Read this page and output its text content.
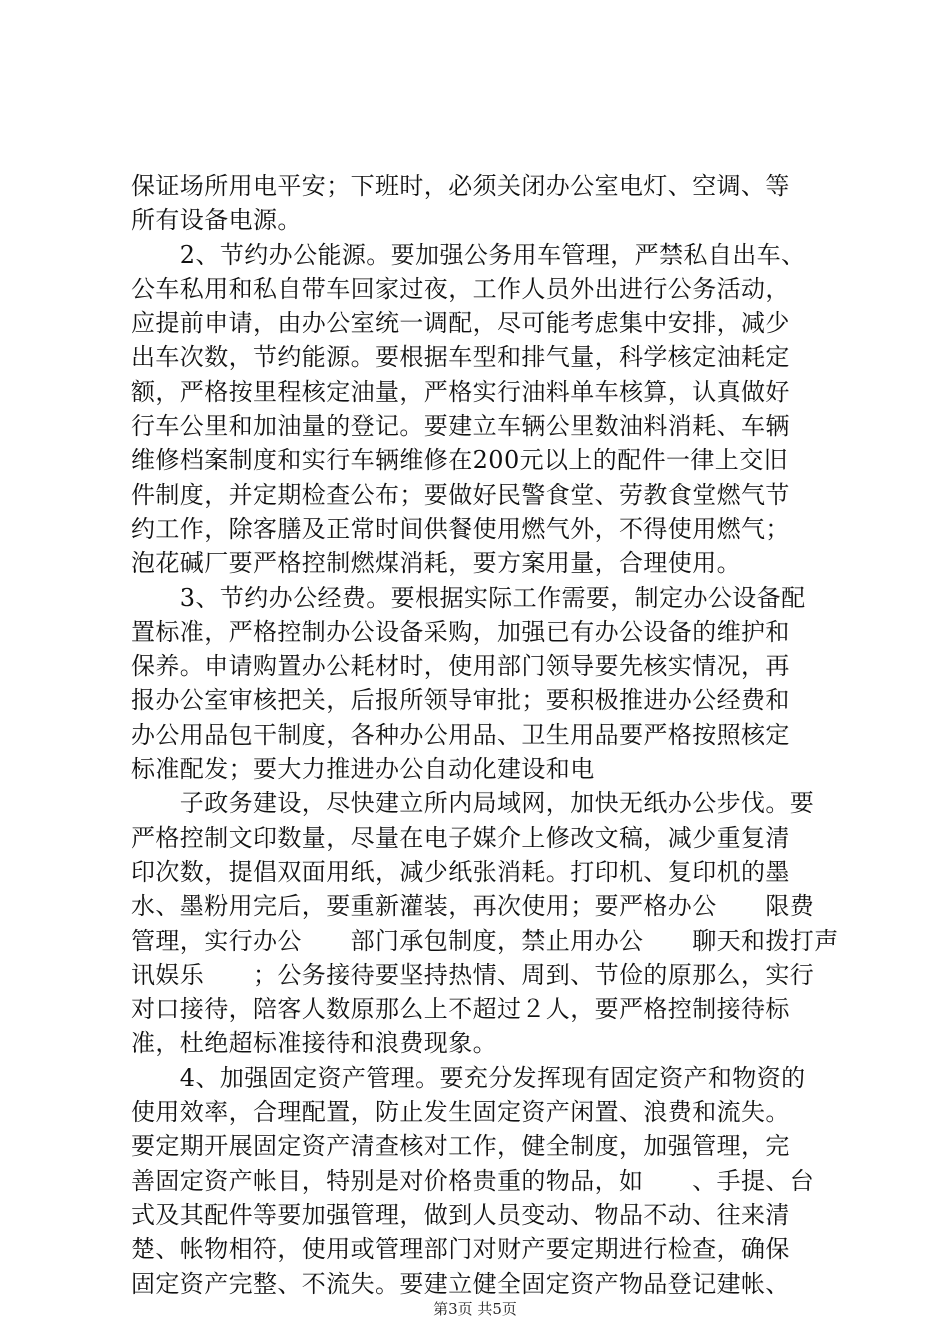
保证场所用电平安；下班时，必须关闭办公室电灯、空调、等
所有设备电源。
　　2、节约办公能源。要加强公务用车管理，严禁私自出车、
公车私用和私自带车回家过夜，工作人员外出进行公务活动，
应提前申请，由办公室统一调配，尽可能考虑集中安排，减少
出车次数，节约能源。要根据车型和排气量，科学核定油耗定
额，严格按里程核定油量，严格实行油料单车核算，认真做好
行车公里和加油量的登记。要建立车辆公里数油料消耗、车辆
维修档案制度和实行车辆维修在200元以上的配件一律上交旧
件制度，并定期检查公布；要做好民警食堂、劳教食堂燃气节
约工作，除客膳及正常时间供餐使用燃气外，不得使用燃气；
泡花碱厂要严格控制燃煤消耗，要方案用量，合理使用。
　　3、节约办公经费。要根据实际工作需要，制定办公设备配
置标准，严格控制办公设备采购，加强已有办公设备的维护和
保养。申请购置办公耗材时，使用部门领导要先核实情况，再
报办公室审核把关，后报所领导审批；要积极推进办公经费和
办公用品包干制度，各种办公用品、卫生用品要严格按照核定
标准配发；要大力推进办公自动化建设和电
　　子政务建设，尽快建立所内局域网，加快无纸办公步伐。要
严格控制文印数量，尽量在电子媒介上修改文稿，减少重复清
印次数，提倡双面用纸，减少纸张消耗。打印机、复印机的墨
水、墨粉用完后，要重新灌装，再次使用；要严格办公　　限费
管理，实行办公　　部门承包制度，禁止用办公　　聊天和拨打声
讯娱乐　　；公务接待要坚持热情、周到、节俭的原那么，实行
对口接待，陪客人数原那么上不超过２人，要严格控制接待标
准，杜绝超标准接待和浪费现象。
　　4、加强固定资产管理。要充分发挥现有固定资产和物资的
使用效率，合理配置，防止发生固定资产闲置、浪费和流失。
要定期开展固定资产清查核对工作，健全制度，加强管理，完
善固定资产帐目，特别是对价格贵重的物品，如　　、手提、台
式及其配件等要加强管理，做到人员变动、物品不动、往来清
楚、帐物相符，使用或管理部门对财产要定期进行检查，确保
固定资产完整、不流失。要建立健全固定资产物品登记建帐、
第3页 共5页
